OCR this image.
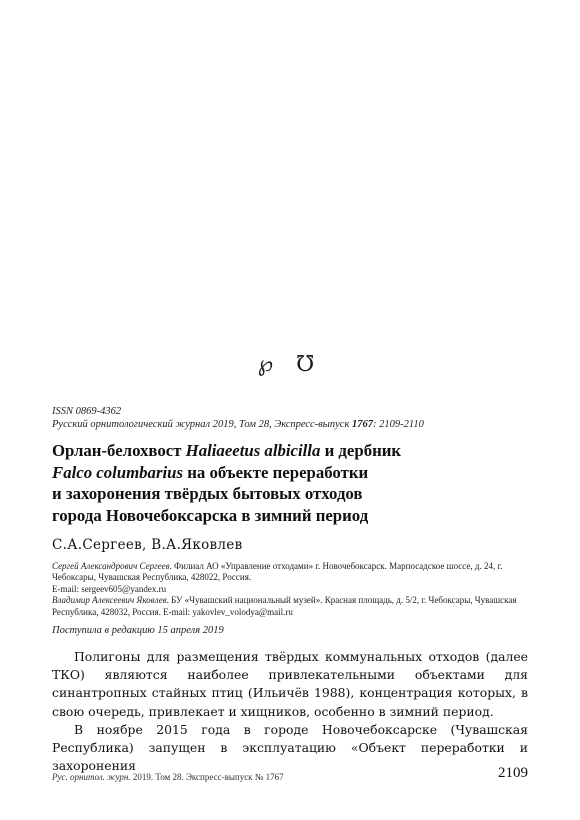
℘ ℧
ISSN 0869-4362
Русский орнитологический журнал 2019, Том 28, Экспресс-выпуск 1767: 2109-2110
Орлан-белохвост Haliaeetus albicilla и дербник
Falco columbarius на объекте переработки
и захоронения твёрдых бытовых отходов
города Новочебоксарска в зимний период
С.А.Сергеев, В.А.Яковлев
Сергей Александрович Сергеев. Филиал АО «Управление отходами» г. Новочебоксарск. Марпосадское шоссе, д. 24, г. Чебоксары, Чувашская Республика, 428022, Россия.
E-mail: sergeev605@yandex.ru
Владимир Алексеевич Яковлев. БУ «Чувашский национальный музей». Красная площадь, д. 5/2, г. Чебоксары, Чувашская Республика, 428032, Россия. E-mail: yakovlev_volodya@mail.ru
Поступила в редакцию 15 апреля 2019

Полигоны для размещения твёрдых коммунальных отходов (далее ТКО) являются наиболее привлекательными объектами для синантропных стайных птиц (Ильичёв 1988), концентрация которых, в свою очередь, привлекает и хищников, особенно в зимний период.

В ноябре 2015 года в городе Новочебоксарске (Чувашская Республика) запущен в эксплуатацию «Объект переработки и захоронения

Рус. орнитол. журн. 2019. Том 28. Экспресс-выпуск № 1767	2109
